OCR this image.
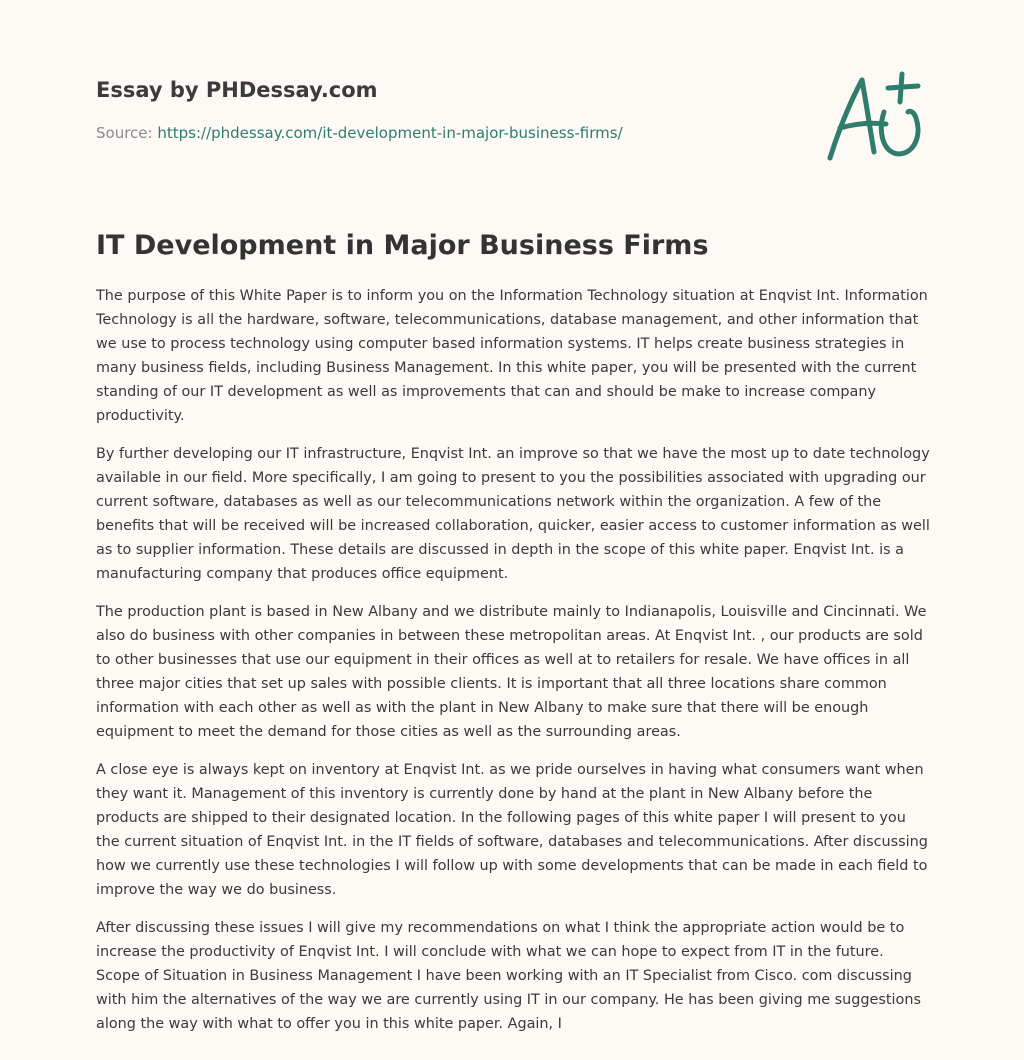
Essay by PHDessay.com
Source: https://phdessay.com/it-development-in-major-business-firms/
IT Development in Major Business Firms

The purpose of this White Paper is to inform you on the Information Technology situation at Enqvist Int. Information Technology is all the hardware, software, telecommunications, database management, and other information that we use to process technology using computer based information systems. IT helps create business strategies in many business fields, including Business Management. In this white paper, you will be presented with the current standing of our IT development as well as improvements that can and should be make to increase company productivity.

By further developing our IT infrastructure, Enqvist Int. an improve so that we have the most up to date technology available in our field. More specifically, I am going to present to you the possibilities associated with upgrading our current software, databases as well as our telecommunications network within the organization. A few of the benefits that will be received will be increased collaboration, quicker, easier access to customer information as well as to supplier information. These details are discussed in depth in the scope of this white paper. Enqvist Int. is a manufacturing company that produces office equipment.

The production plant is based in New Albany and we distribute mainly to Indianapolis, Louisville and Cincinnati. We also do business with other companies in between these metropolitan areas. At Enqvist Int. , our products are sold to other businesses that use our equipment in their offices as well at to retailers for resale. We have offices in all three major cities that set up sales with possible clients. It is important that all three locations share common information with each other as well as with the plant in New Albany to make sure that there will be enough equipment to meet the demand for those cities as well as the surrounding areas.

A close eye is always kept on inventory at Enqvist Int. as we pride ourselves in having what consumers want when they want it. Management of this inventory is currently done by hand at the plant in New Albany before the products are shipped to their designated location. In the following pages of this white paper I will present to you the current situation of Enqvist Int. in the IT fields of software, databases and telecommunications. After discussing how we currently use these technologies I will follow up with some developments that can be made in each field to improve the way we do business.

After discussing these issues I will give my recommendations on what I think the appropriate action would be to increase the productivity of Enqvist Int. I will conclude with what we can hope to expect from IT in the future. Scope of Situation in Business Management I have been working with an IT Specialist from Cisco. com discussing with him the alternatives of the way we are currently using IT in our company. He has been giving me suggestions along the way with what to offer you in this white paper. Again, I
